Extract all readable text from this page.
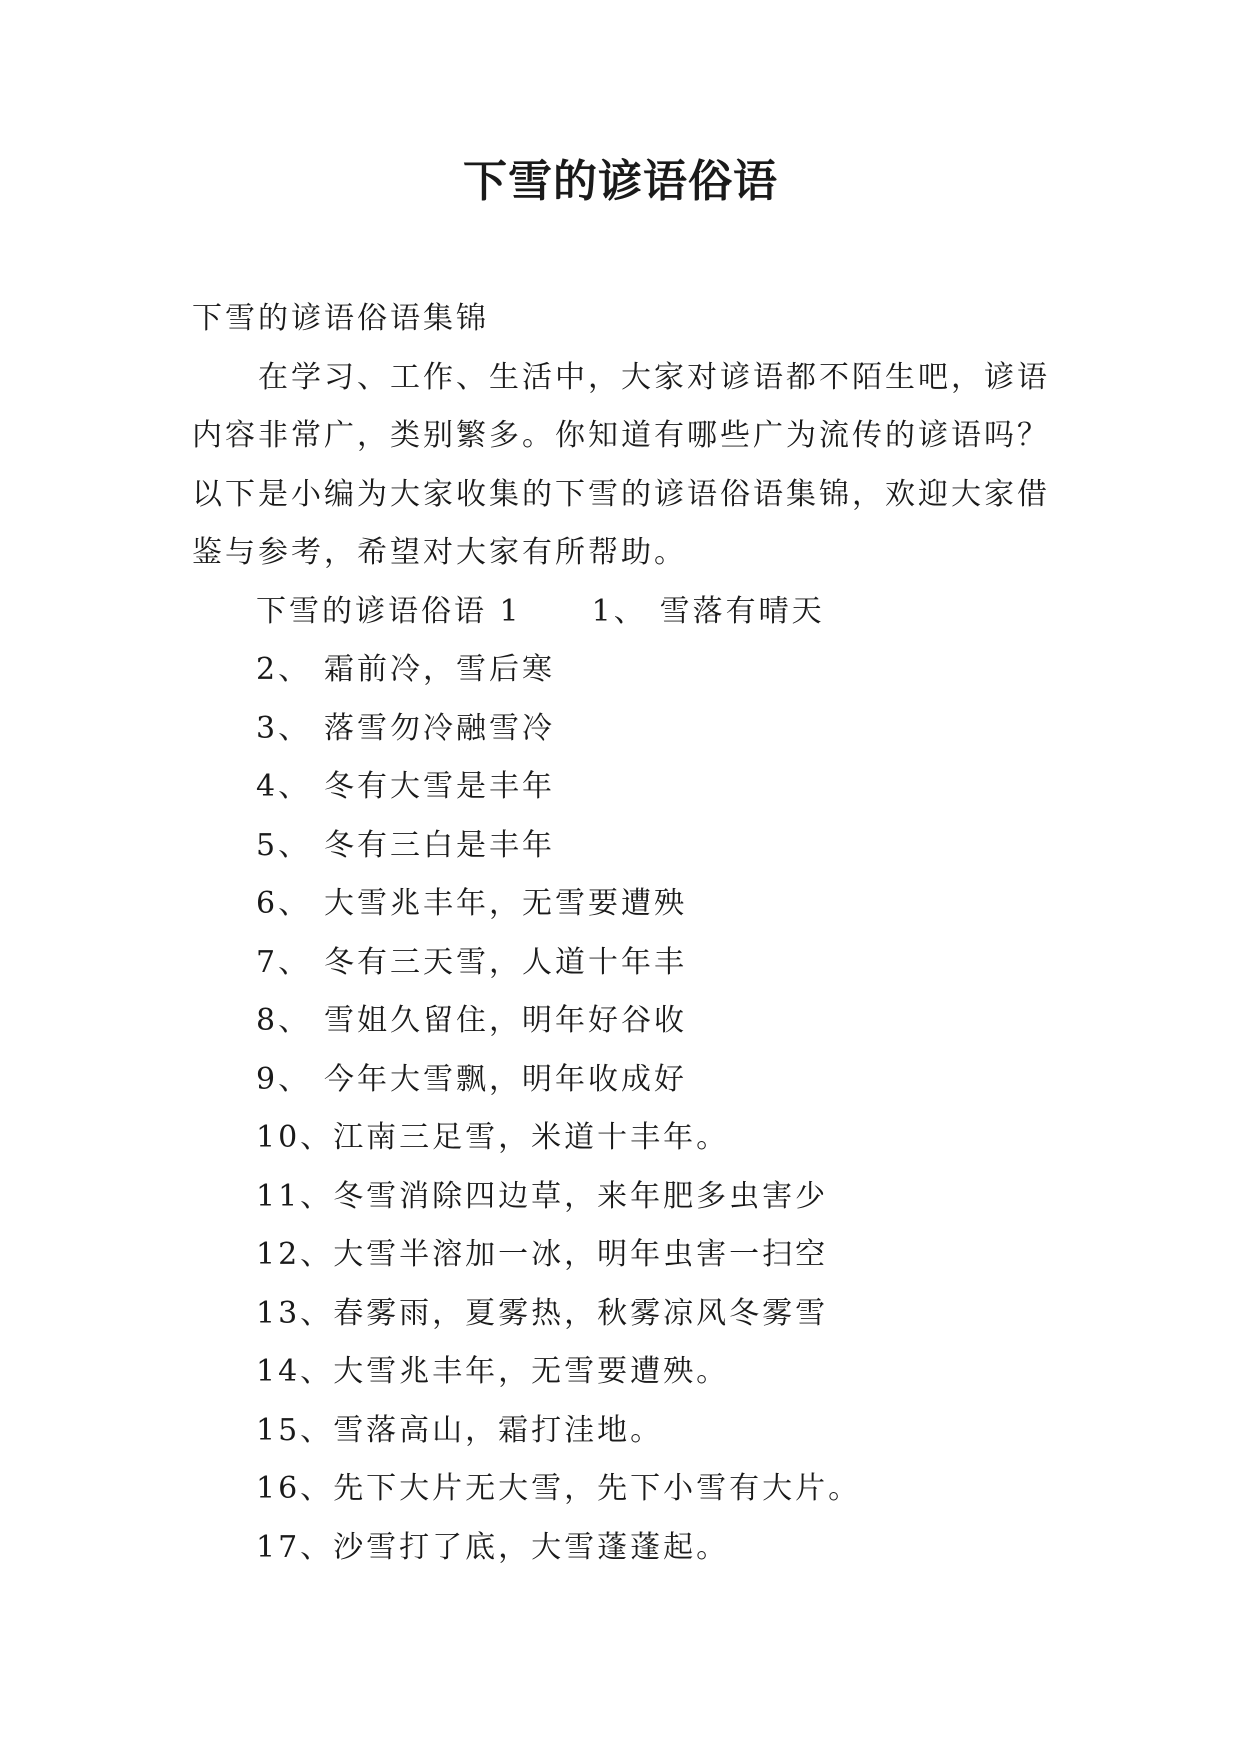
下雪的谚语俗语

下雪的谚语俗语集锦

在学习、工作、生活中，大家对谚语都不陌生吧，谚语内容非常广，类别繁多。你知道有哪些广为流传的谚语吗？以下是小编为大家收集的下雪的谚语俗语集锦，欢迎大家借鉴与参考，希望对大家有所帮助。

下雪的谚语俗语 1 1、 雪落有晴天

2、 霜前冷，雪后寒

3、 落雪勿冷融雪冷

4、 冬有大雪是丰年

5、 冬有三白是丰年

6、 大雪兆丰年，无雪要遭殃

7、 冬有三天雪，人道十年丰

8、 雪姐久留住，明年好谷收

9、 今年大雪飘，明年收成好

10、江南三足雪，米道十丰年。

11、冬雪消除四边草，来年肥多虫害少

12、大雪半溶加一冰，明年虫害一扫空

13、春雾雨，夏雾热，秋雾凉风冬雾雪

14、大雪兆丰年，无雪要遭殃。

15、雪落高山，霜打洼地。

16、先下大片无大雪，先下小雪有大片。

17、沙雪打了底，大雪蓬蓬起。
